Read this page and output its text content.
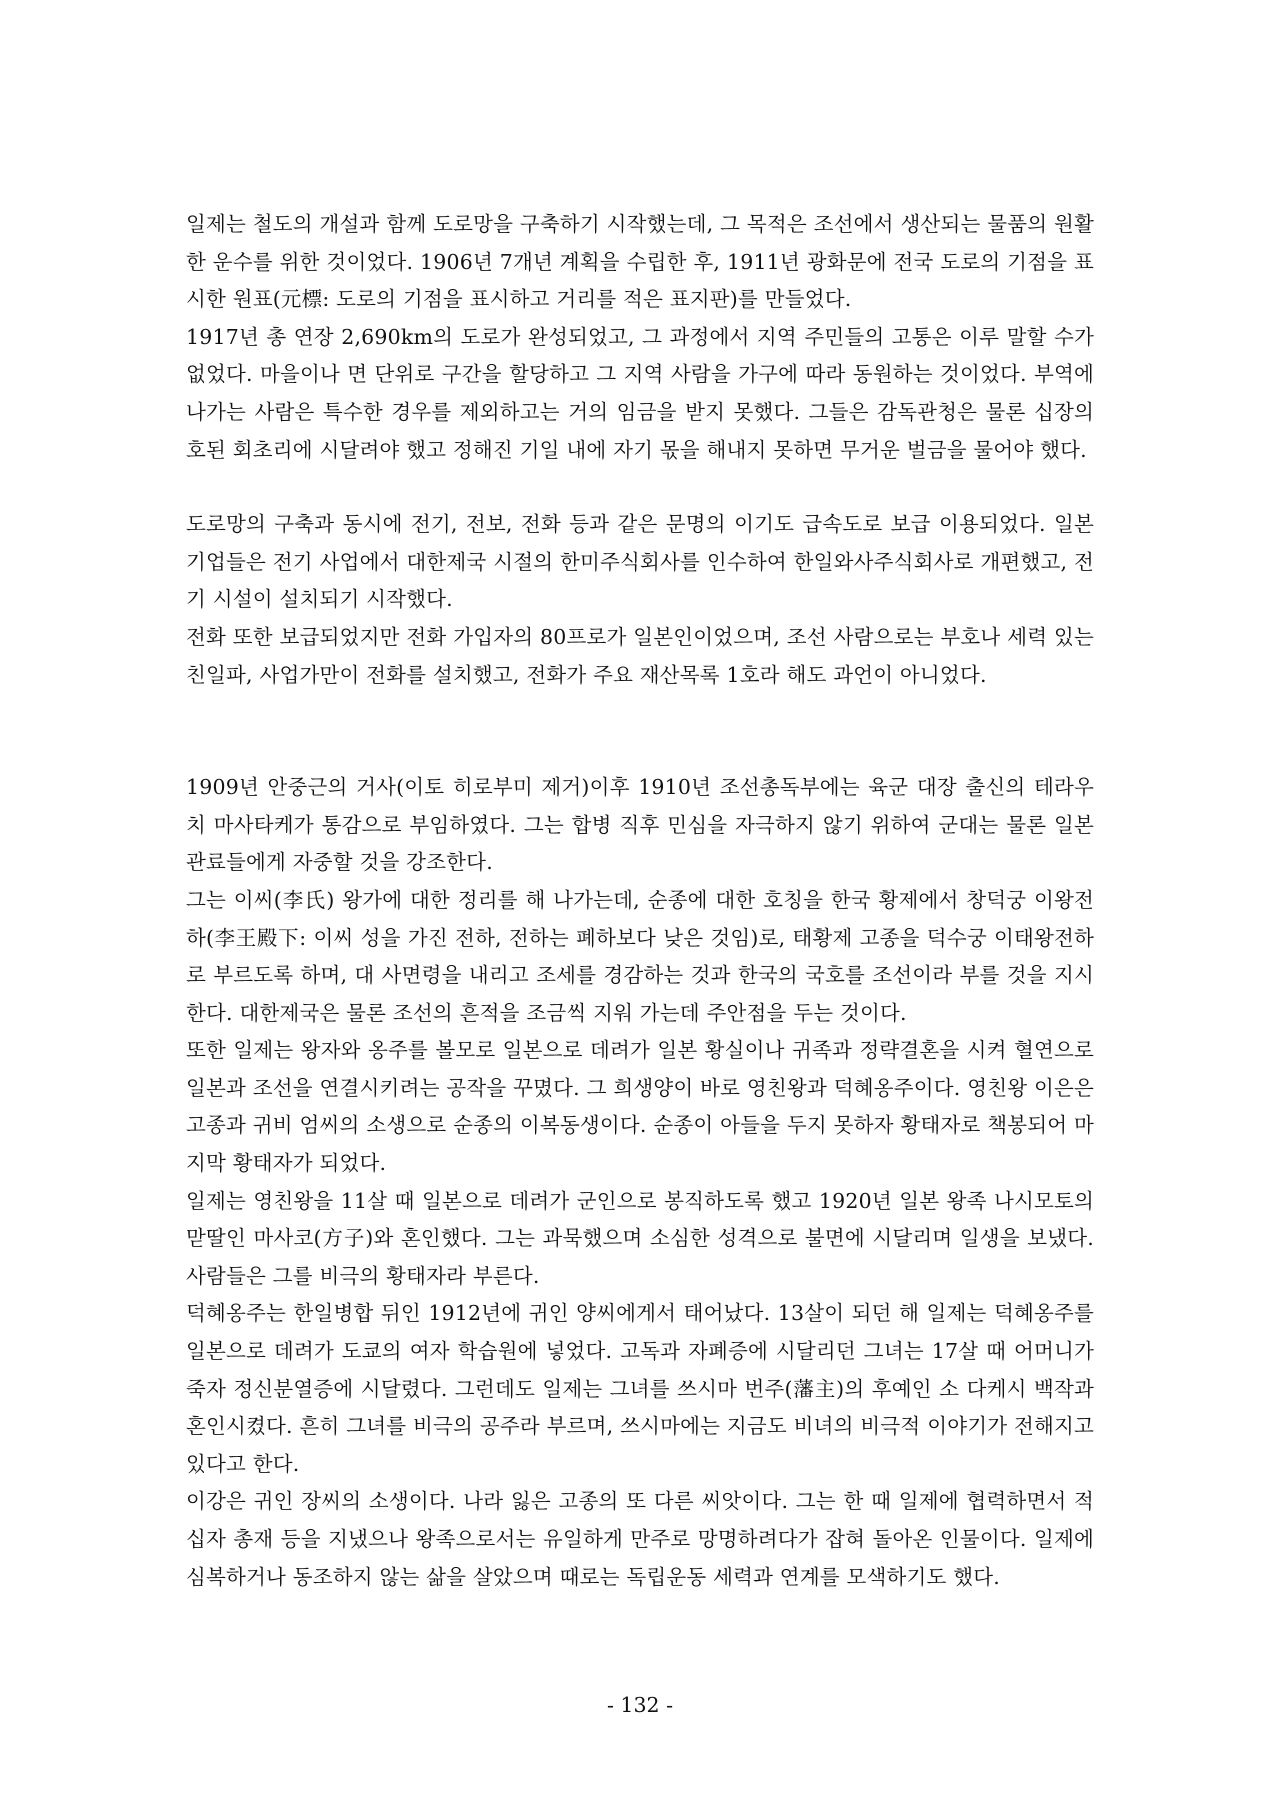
일제는 철도의 개설과 함께 도로망을 구축하기 시작했는데, 그 목적은 조선에서 생산되는 물품의 원활한 운수를 위한 것이었다. 1906년 7개년 계획을 수립한 후, 1911년 광화문에 전국 도로의 기점을 표시한 원표(元標: 도로의 기점을 표시하고 거리를 적은 표지판)를 만들었다.

1917년 총 연장 2,690km의 도로가 완성되었고, 그 과정에서 지역 주민들의 고통은 이루 말할 수가 없었다. 마을이나 면 단위로 구간을 할당하고 그 지역 사람을 가구에 따라 동원하는 것이었다. 부역에 나가는 사람은 특수한 경우를 제외하고는 거의 임금을 받지 못했다. 그들은 감독관청은 물론 십장의 호된 회초리에 시달려야 했고 정해진 기일 내에 자기 몫을 해내지 못하면 무거운 벌금을 물어야 했다.

도로망의 구축과 동시에 전기, 전보, 전화 등과 같은 문명의 이기도 급속도로 보급 이용되었다. 일본 기업들은 전기 사업에서 대한제국 시절의 한미주식회사를 인수하여 한일와사주식회사로 개편했고, 전기 시설이 설치되기 시작했다.

전화 또한 보급되었지만 전화 가입자의 80프로가 일본인이었으며, 조선 사람으로는 부호나 세력 있는 친일파, 사업가만이 전화를 설치했고, 전화가 주요 재산목록 1호라 해도 과언이 아니었다.

1909년 안중근의 거사(이토 히로부미 제거)이후 1910년 조선총독부에는 육군 대장 출신의 테라우치 마사타케가 통감으로 부임하였다. 그는 합병 직후 민심을 자극하지 않기 위하여 군대는 물론 일본 관료들에게 자중할 것을 강조한다.

그는 이씨(李氏) 왕가에 대한 정리를 해 나가는데, 순종에 대한 호칭을 한국 황제에서 창덕궁 이왕전하(李王殿下: 이씨 성을 가진 전하, 전하는 폐하보다 낮은 것임)로, 태황제 고종을 덕수궁 이태왕전하로 부르도록 하며, 대 사면령을 내리고 조세를 경감하는 것과 한국의 국호를 조선이라 부를 것을 지시한다. 대한제국은 물론 조선의 흔적을 조금씩 지워 가는데 주안점을 두는 것이다.

또한 일제는 왕자와 옹주를 볼모로 일본으로 데려가 일본 황실이나 귀족과 정략결혼을 시켜 혈연으로 일본과 조선을 연결시키려는 공작을 꾸몄다. 그 희생양이 바로 영친왕과 덕혜옹주이다. 영친왕 이은은 고종과 귀비 엄씨의 소생으로 순종의 이복동생이다. 순종이 아들을 두지 못하자 황태자로 책봉되어 마지막 황태자가 되었다.

일제는 영친왕을 11살 때 일본으로 데려가 군인으로 봉직하도록 했고 1920년 일본 왕족 나시모토의 맏딸인 마사코(方子)와 혼인했다. 그는 과묵했으며 소심한 성격으로 불면에 시달리며 일생을 보냈다. 사람들은 그를 비극의 황태자라 부른다.

덕혜옹주는 한일병합 뒤인 1912년에 귀인 양씨에게서 태어났다. 13살이 되던 해 일제는 덕혜옹주를 일본으로 데려가 도쿄의 여자 학습원에 넣었다. 고독과 자폐증에 시달리던 그녀는 17살 때 어머니가 죽자 정신분열증에 시달렸다. 그런데도 일제는 그녀를 쓰시마 번주(藩主)의 후예인 소 다케시 백작과 혼인시켰다. 흔히 그녀를 비극의 공주라 부르며, 쓰시마에는 지금도 비녀의 비극적 이야기가 전해지고 있다고 한다.

이강은 귀인 장씨의 소생이다. 나라 잃은 고종의 또 다른 씨앗이다. 그는 한 때 일제에 협력하면서 적십자 총재 등을 지냈으나 왕족으로서는 유일하게 만주로 망명하려다가 잡혀 돌아온 인물이다. 일제에 심복하거나 동조하지 않는 삶을 살았으며 때로는 독립운동 세력과 연계를 모색하기도 했다.

- 132 -
